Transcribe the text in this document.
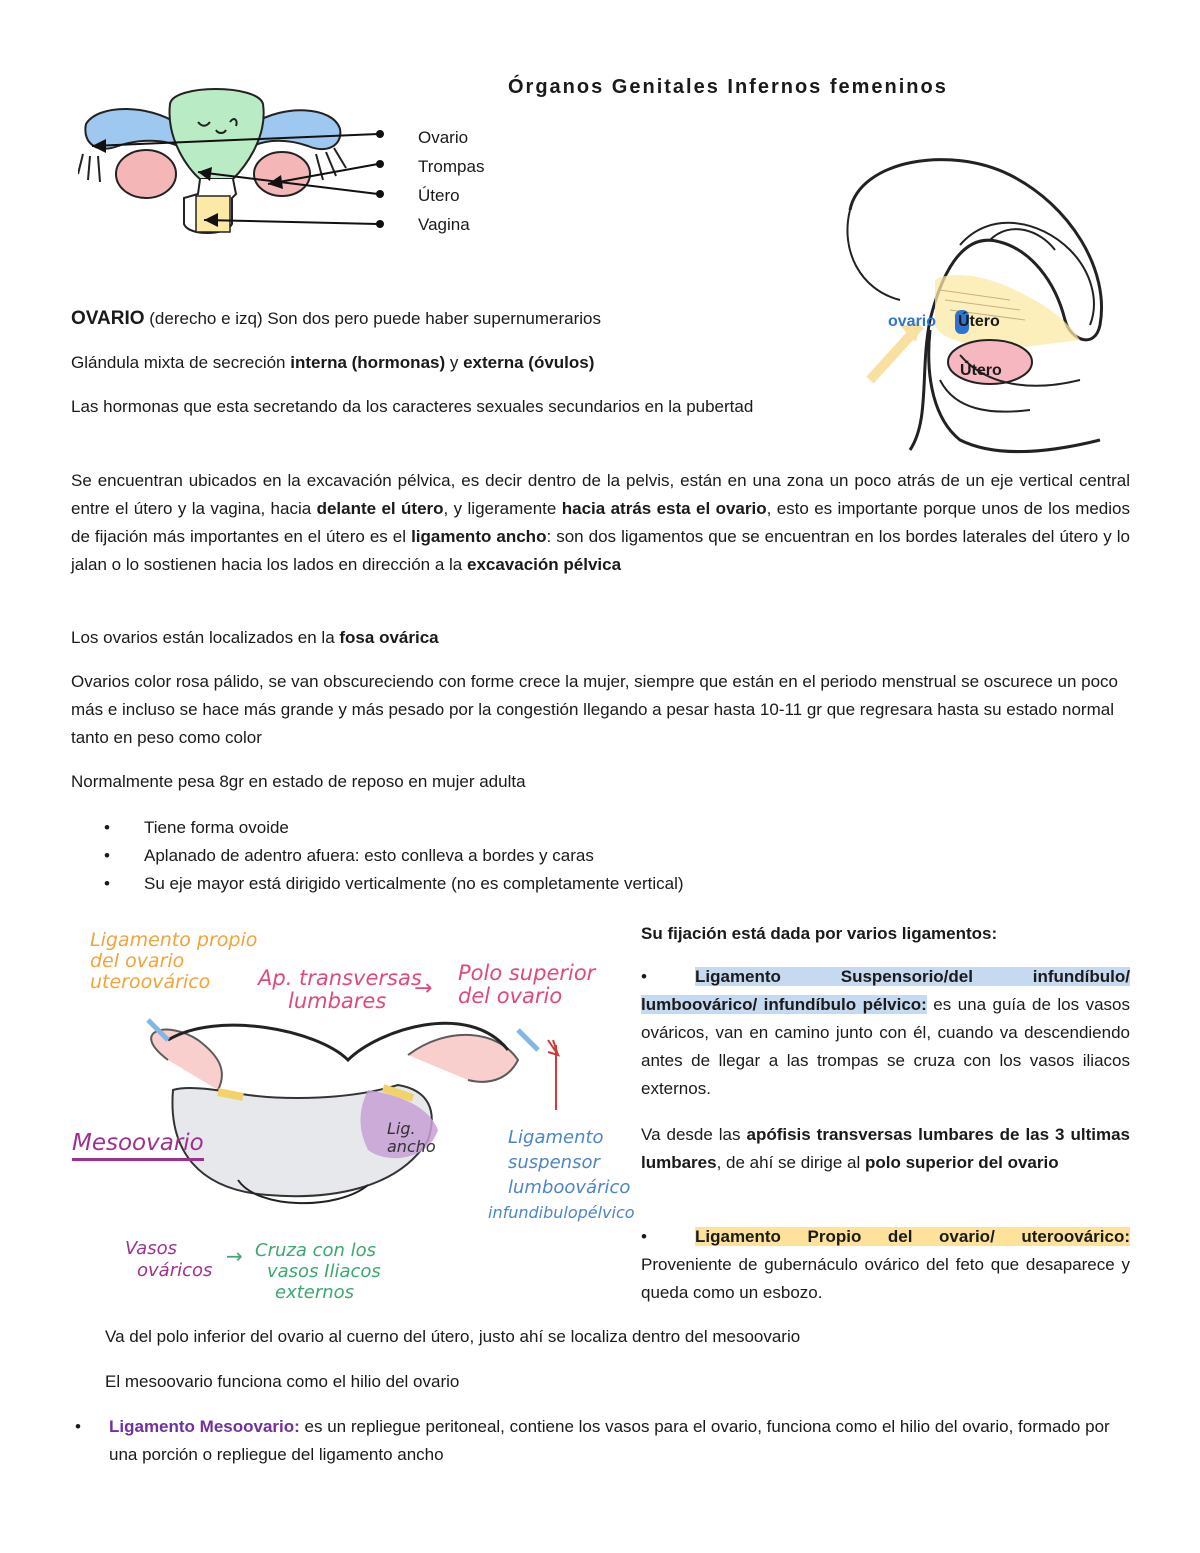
Órganos Genitales Infernos femeninos
Ovario
Trompas
Útero
Vagina
ovario Útero
Útero

OVARIO (derecho e izq) Son dos pero puede haber supernumerarios

Glándula mixta de secreción interna (hormonas) y externa (óvulos)

Las hormonas que esta secretando da los caracteres sexuales secundarios en la pubertad

Se encuentran ubicados en la excavación pélvica, es decir dentro de la pelvis, están en una zona un poco atrás de un eje vertical central entre el útero y la vagina, hacia delante el útero, y ligeramente hacia atrás esta el ovario, esto es importante porque unos de los medios de fijación más importantes en el útero es el ligamento ancho: son dos ligamentos que se encuentran en los bordes laterales del útero y lo jalan o lo sostienen hacia los lados en dirección a la excavación pélvica

Los ovarios están localizados en la fosa ovárica

Ovarios color rosa pálido, se van obscureciendo con forme crece la mujer, siempre que están en el periodo menstrual se oscurece un poco más e incluso se hace más grande y más pesado por la congestión llegando a pesar hasta 10-11 gr que regresara hasta su estado normal tanto en peso como color

Normalmente pesa 8gr en estado de reposo en mujer adulta

•	Tiene forma ovoide
•	Aplanado de adentro afuera: esto conlleva a bordes y caras
•	Su eje mayor está dirigido verticalmente (no es completamente vertical)
Ligamento propio
del ovario
uteroovárico	Ap. transversas
lumbares	→
Polo superior
del ovario
Mesoovario
Lig.
ancho	Ligamento
suspensor
lumboovárico
infundibulopélvico
Vasos
ováricos
→ Cruza con los
vasos Iliacos
externos

Su fijación está dada por varios ligamentos:

•	Ligamento Suspensorio/del infundíbulo/ lumboovárico/ infundíbulo pélvico: es una guía de los vasos ováricos, van en camino junto con él, cuando va descendiendo antes de llegar a las trompas se cruza con los vasos iliacos externos.

Va desde las apófisis transversas lumbares de las 3 ultimas lumbares, de ahí se dirige al polo superior del ovario

•	Ligamento Propio del ovario/ uteroovárico: Proveniente de gubernáculo ovárico del feto que desaparece y queda como un esbozo.

Va del polo inferior del ovario al cuerno del útero, justo ahí se localiza dentro del mesoovario

El mesoovario funciona como el hilio del ovario

•	Ligamento Mesoovario: es un repliegue peritoneal, contiene los vasos para el ovario, funciona como el hilio del ovario, formado por una porción o repliegue del ligamento ancho
